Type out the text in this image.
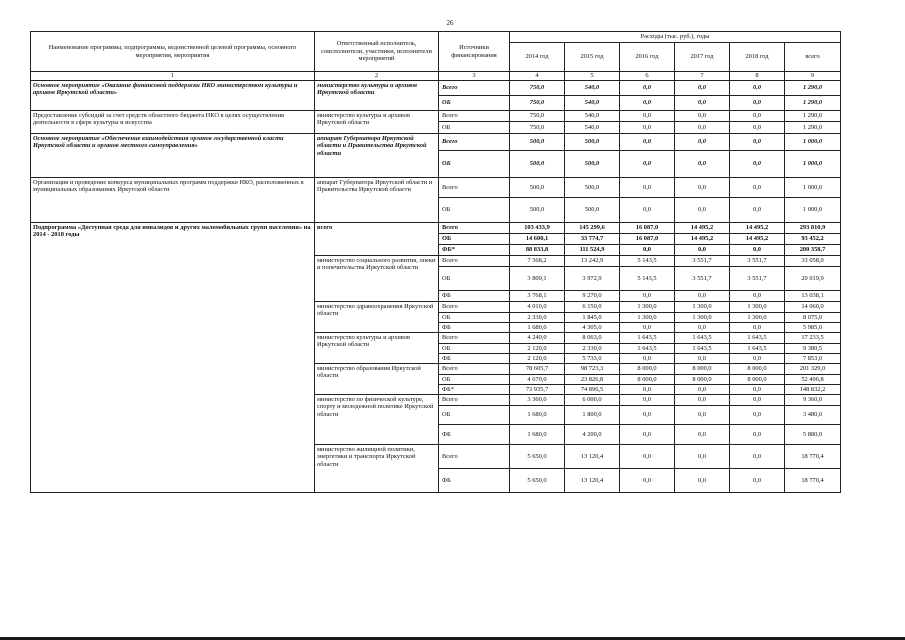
26
Наименование программы, подпрограммы, ведомственной целевой программы, основного мероприятия, мероприятия	Ответственный исполнитель, соисполнители, участники, исполнители мероприятий	Источники финансирования	Расходы (тыс. руб.), годы					
			2014 год	2015 год	2016 год	2017 год	2018 год	всего
1	2	3	4	5	6	7	8	9
Основное мероприятие «Оказание финансовой поддержки НКО министерством культуры и архивов Иркутской области»	министерство культуры и архивов Иркутской области	Всего	750,0	540,0	0,0	0,0	0,0	1 290,0
		ОБ	750,0	540,0	0,0	0,0	0,0	1 290,0
Предоставление субсидий за счет средств областного бюджета НКО в целях осуществления деятельности в сфере культуры и искусства	министерство культуры и архивов Иркутской области	Всего	750,0	540,0	0,0	0,0	0,0	1 290,0
		ОБ	750,0	540,0	0,0	0,0	0,0	1 290,0
Основное мероприятие «Обеспечение взаимодействия органов государственной власти Иркутской области и органов местного самоуправления»	аппарат Губернатора Иркутской области и Правительства Иркутской области	Всего	500,0	500,0	0,0	0,0	0,0	1 000,0
		ОБ	500,0	500,0	0,0	0,0	0,0	1 000,0
Организация и проведение конкурса муниципальных программ поддержки НКО, расположенных в муниципальных образованиях Иркутской области	аппарат Губернатора Иркутской области и Правительства Иркутской области	Всего	500,0	500,0	0,0	0,0	0,0	1 000,0
		ОБ	500,0	500,0	0,0	0,0	0,0	1 000,0
Подпрограмма «Доступная среда для инвалидов и других маломобильных групп населения» на 2014 - 2018 годы	всего	Всего	103 433,9	145 299,6	16 087,0	14 495,2	14 495,2	293 810,9
		ОБ	14 600,1	33 774,7	16 087,0	14 495,2	14 495,2	93 452,2
		ФБ*	88 833,8	111 524,9	0,0	0,0	0,0	200 358,7
	министерство социального развития, опеки и попечительства Иркутской области	Всего	7 568,2	13 242,9	5 143,5	3 551,7	3 551,7	33 058,0
		ОБ	3 800,1	3 972,9	5 143,5	3 551,7	3 551,7	20 019,9
		ФБ	3 768,1	9 270,0	0,0	0,0	0,0	13 038,1
	министерство здравоохранения Иркутской области	Всего	4 010,0	6 150,0	1 300,0	1 300,0	1 300,0	14 060,0
		ОБ	2 330,0	1 845,0	1 300,0	1 300,0	1 300,0	8 075,0
		ФБ	1 680,0	4 305,0	0,0	0,0	0,0	5 985,0
	министерство культуры и архивов Иркутской области	Всего	4 240,0	8 063,0	1 643,5	1 643,5	1 643,5	17 233,5
		ОБ	2 120,0	2 330,0	1 643,5	1 643,5	1 643,5	9 380,5
		ФБ	2 120,0	5 733,0	0,0	0,0	0,0	7 853,0
	министерство образования Иркутской области	Всего	78 605,7	98 723,3	8 000,0	8 000,0	8 000,0	201 329,0
		ОБ	4 670,0	23 826,8	8 000,0	8 000,0	8 000,0	52 496,8
		ФБ*	73 935,7	74 896,5	0,0	0,0	0,0	148 832,2
	министерство по физической культуре, спорту и молодежной политике Иркутской области	Всего	3 360,0	6 000,0	0,0	0,0	0,0	9 360,0
		ОБ	1 680,0	1 800,0	0,0	0,0	0,0	3 480,0
		ФБ	1 680,0	4 200,0	0,0	0,0	0,0	5 880,0
	министерство жилищной политики, энергетики и транспорта Иркутской области	Всего	5 650,0	13 120,4	0,0	0,0	0,0	18 770,4
		ФБ	5 650,0	13 120,4	0,0	0,0	0,0	18 770,4
